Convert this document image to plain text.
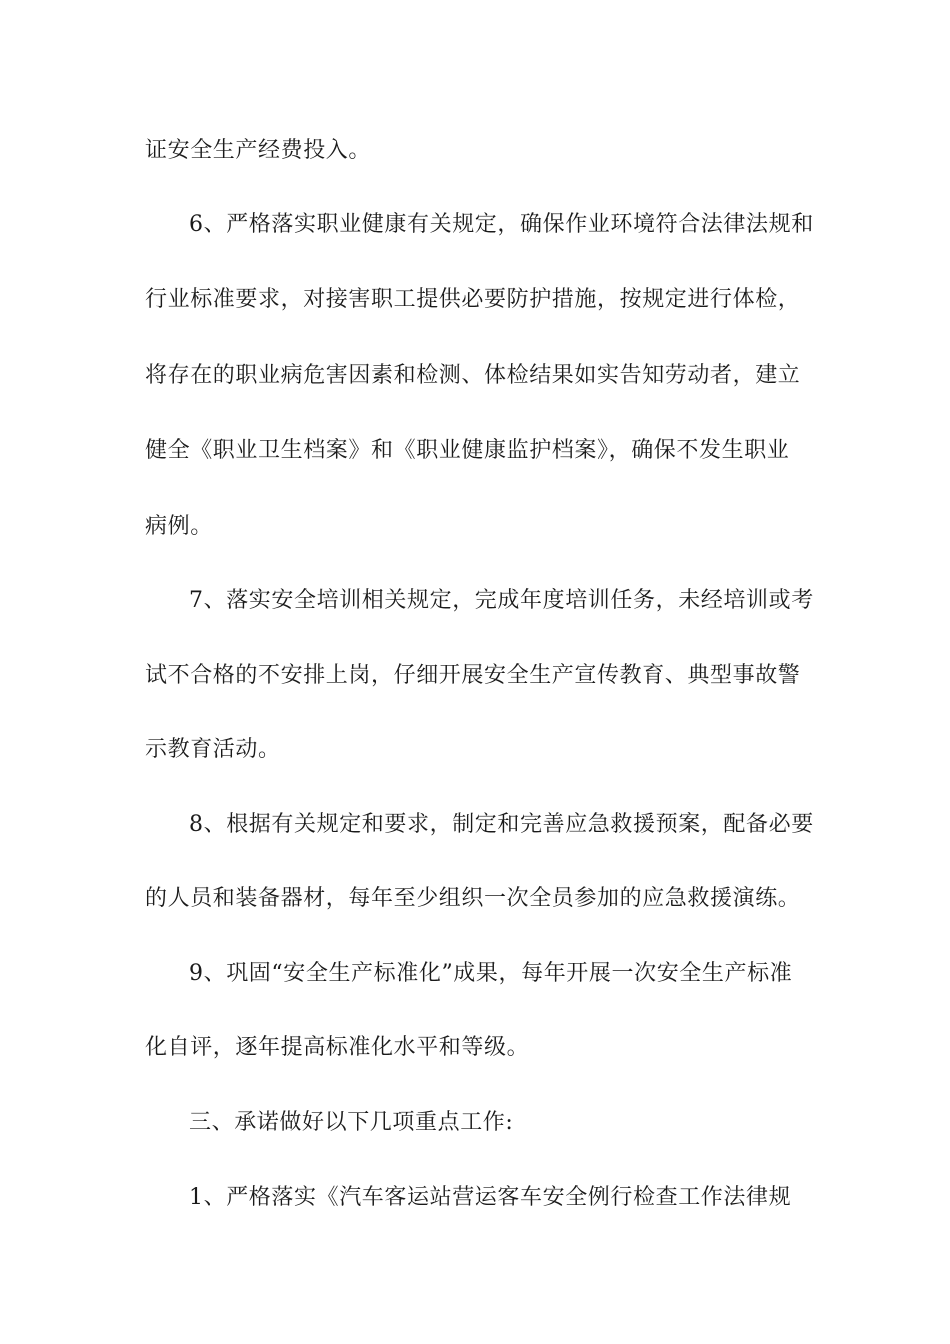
证安全生产经费投入。
6、严格落实职业健康有关规定，确保作业环境符合法律法规和
行业标准要求，对接害职工提供必要防护措施，按规定进行体检，
将存在的职业病危害因素和检测、体检结果如实告知劳动者，建立
健全《职业卫生档案》和《职业健康监护档案》，确保不发生职业
病例。
7、落实安全培训相关规定，完成年度培训任务，未经培训或考
试不合格的不安排上岗，仔细开展安全生产宣传教育、典型事故警
示教育活动。
8、根据有关规定和要求，制定和完善应急救援预案，配备必要
的人员和装备器材，每年至少组织一次全员参加的应急救援演练。
9、巩固“安全生产标准化”成果，每年开展一次安全生产标准
化自评，逐年提高标准化水平和等级。
三、承诺做好以下几项重点工作:
1、严格落实《汽车客运站营运客车安全例行检查工作法律规
